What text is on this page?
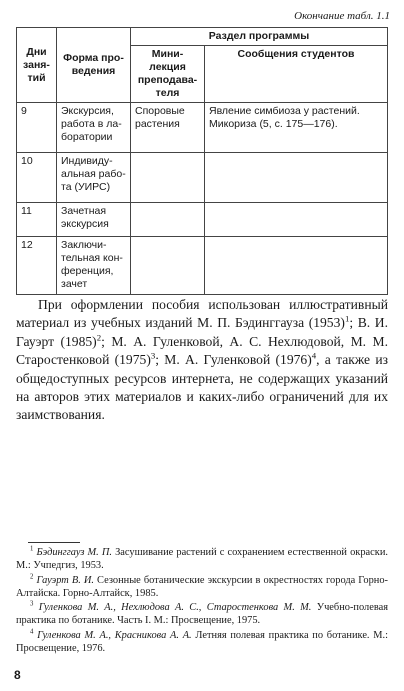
Окончание табл. 1.1
Дни заня-тий	Форма про-ведения	Раздел программы	
		Мини-лекция преподава-теля	Сообщения студентов
9	Экскурсия, работа в ла-боратории	Споровые растения	Явление симбиоза у растений. Микориза (5, с. 175—176).
10	Индивиду-альная рабо-та (УИРС)		
11	Зачетная экскурсия		
12	Заключи-тельная кон-ференция, зачет		

При оформлении пособия использован иллюстративный материал из учебных изданий М. П. Бэдинггауза $(1953)^1$; В. И. Гауэрт $(1985)^2$; М. А. Гуленковой, А. С. Нехлюдовой, М. М. Старостенковой $(1975)^3$; М. А. Гуленковой $(1976)^4$, а также из общедоступных ресурсов интернета, не содержащих указаний на авторов этих материалов и каких-либо ограничений для их заимствования.

$^1$ Бэдинггауз М. П. Засушивание растений с сохранением естественной окраски. М.: Учпедгиз, 1953.

$^2$ Гауэрт В. И. Сезонные ботанические экскурсии в окрестностях города Горно-Алтайска. Горно-Алтайск, 1985.

$^3$ Гуленкова М. А., Нехлюдова А. С., Старостенкова М. М. Учебно-полевая практика по ботанике. Часть I. М.: Просвещение, 1975.

$^4$ Гуленкова М. А., Красникова А. А. Летняя полевая практика по ботанике. М.: Просвещение, 1976.

8
